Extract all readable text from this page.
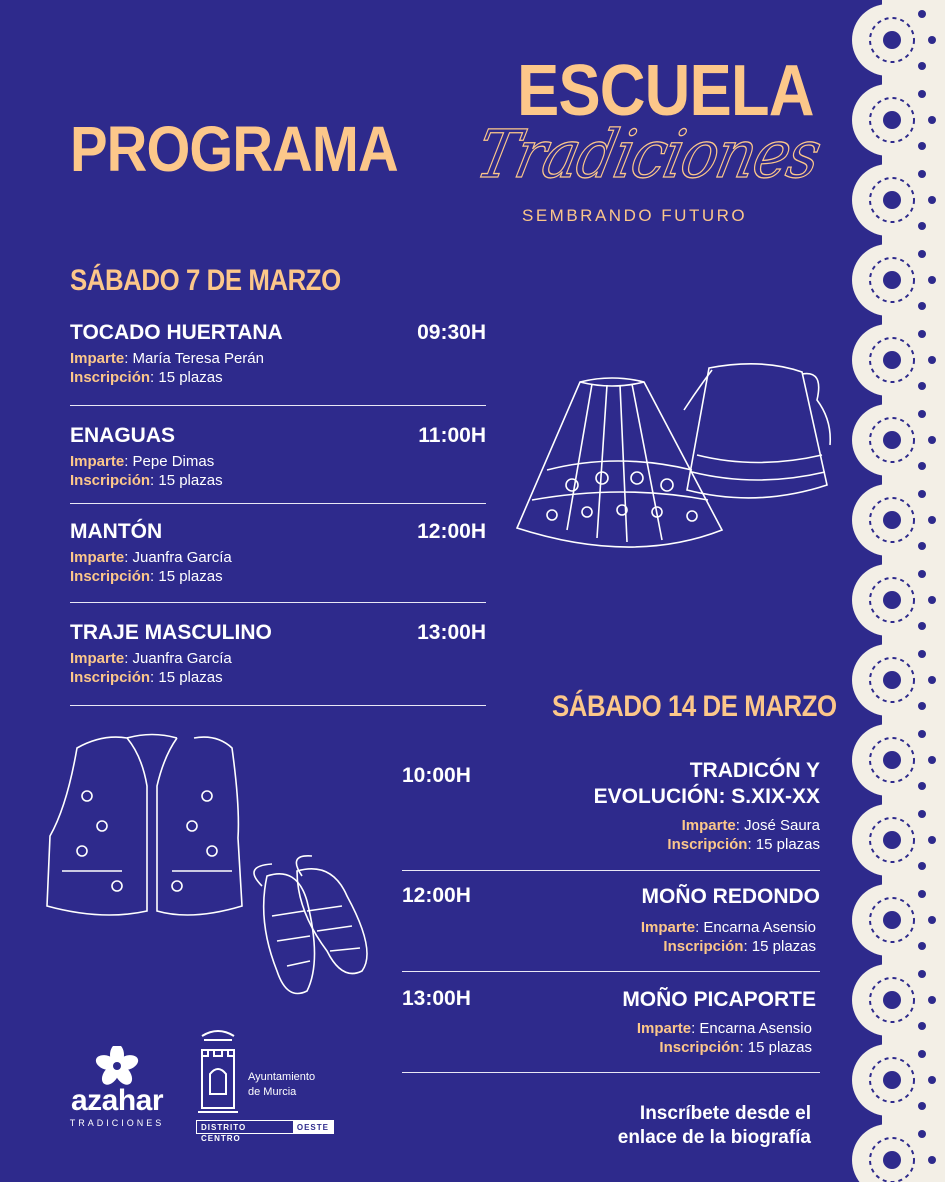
PROGRAMA
ESCUELA
Tradiciones
SEMBRANDO FUTURO
SÁBADO 7 DE MARZO
TOCADO HUERTANA	09:30H
Imparte: María Teresa Perán
Inscripción: 15 plazas
ENAGUAS	11:00H
Imparte: Pepe Dimas
Inscripción: 15 plazas
MANTÓN	12:00H
Imparte: Juanfra García
Inscripción: 15 plazas
TRAJE MASCULINO	13:00H
Imparte: Juanfra García
Inscripción: 15 plazas
SÁBADO 14 DE MARZO
10:00H	TRADICÓN Y
EVOLUCIÓN: S.XIX-XX
Imparte: José Saura
Inscripción: 15 plazas
12:00H	MOÑO REDONDO
Imparte: Encarna Asensio
Inscripción: 15 plazas
13:00H	MOÑO PICAPORTE
Imparte: Encarna Asensio
Inscripción: 15 plazas
Inscríbete desde el
enlace de la biografía
azahar
TRADICIONES
Ayuntamiento
de Murcia
DISTRITO CENTRO
OESTE
